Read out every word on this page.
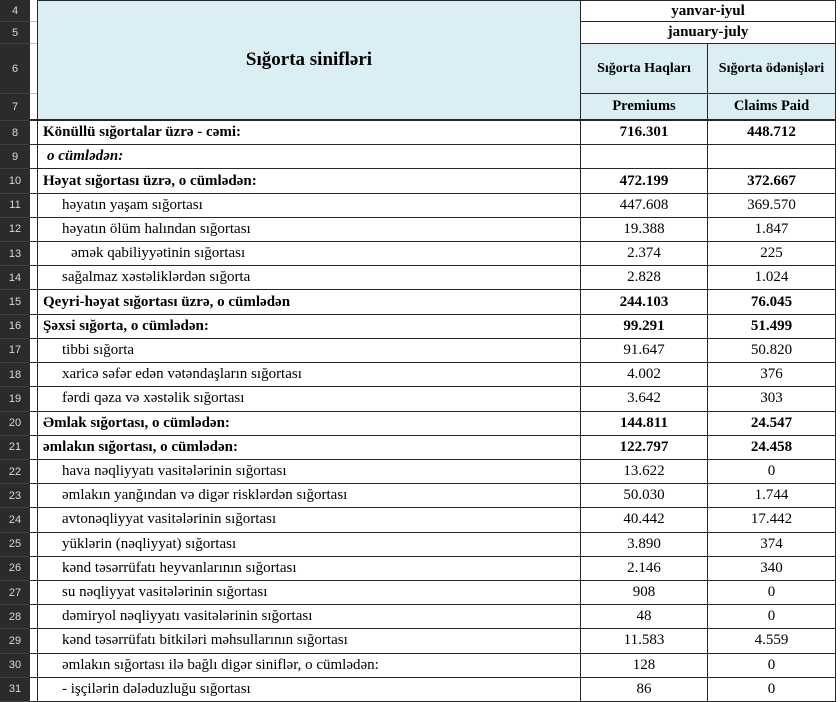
4
5
6
7
Sığorta sinifləri
yanvar-iyul
january-july
Sığorta Haqları	Sığorta ödənişləri
Premiums	Claims Paid
8	Könüllü sığortalar üzrə - cəmi:	716.301	448.712
9	o cümlədən:
10	Həyat sığortası üzrə, o cümlədən:	472.199	372.667
11	həyatın yaşam sığortası	447.608	369.570
12	həyatın ölüm halından sığortası	19.388	1.847
13	əmək qabiliyyətinin sığortası	2.374	225
14	sağalmaz xəstəliklərdən sığorta	2.828	1.024
15	Qeyri-həyat sığortası üzrə, o cümlədən	244.103	76.045
16	Şəxsi sığorta, o cümlədən:	99.291	51.499
17	tibbi sığorta	91.647	50.820
18	xaricə səfər edən vətəndaşların sığortası	4.002	376
19	fərdi qəza və xəstəlik sığortası	3.642	303
20	Əmlak sığortası, o cümlədən:	144.811	24.547
21	əmlakın sığortası, o cümlədən:	122.797	24.458
22	hava nəqliyyatı vasitələrinin sığortası	13.622	0
23	əmlakın yanğından və digər risklərdən sığortası	50.030	1.744
24	avtonəqliyyat vasitələrinin sığortası	40.442	17.442
25	yüklərin (nəqliyyat) sığortası	3.890	374
26	kənd təsərrüfatı heyvanlarının sığortası	2.146	340
27	su nəqliyyat vasitələrinin sığortası	908	0
28	dəmiryol nəqliyyatı vasitələrinin sığortası	48	0
29	kənd təsərrüfatı bitkiləri məhsullarının sığortası	11.583	4.559
30	əmlakın sığortası ilə bağlı digər siniflər, o cümlədən:	128	0
31	- işçilərin dələduzluğu sığortası	86	0
